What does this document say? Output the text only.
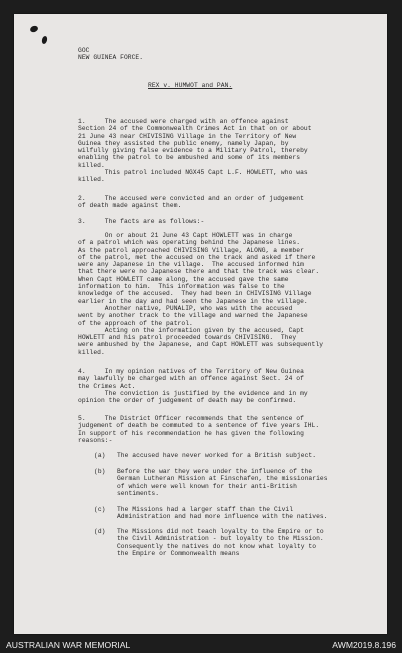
GOC
NEW GUINEA FORCE.
REX v. HUMWOT and PAN.
1.     The accused were charged with an offence against
Section 24 of the Commonwealth Crimes Act in that on or about
21 June 43 near CHIVISING Village in the Territory of New
Guinea they assisted the public enemy, namely Japan, by
wilfully giving false evidence to a Military Patrol, thereby
enabling the patrol to be ambushed and some of its members
killed.
This patrol included NGX45 Capt L.F. HOWLETT, who was
killed.
2.     The accused were convicted and an order of judgement
of death made against them.
3.     The facts are as follows:-
On or about 21 June 43 Capt HOWLETT was in charge
of a patrol which was operating behind the Japanese lines.
As the patrol approached CHIVISING Village, ALONG, a member
of the patrol, met the accused on the track and asked if there
were any Japanese in the village.  The accused informed him
that there were no Japanese there and that the track was clear.
When Capt HOWLETT came along, the accused gave the same
information to him.  This information was false to the
knowledge of the accused.  They had been in CHIVISING Village
earlier in the day and had seen the Japanese in the village.
Another native, PUNALIP, who was with the accused
went by another track to the village and warned the Japanese
of the approach of the patrol.
Acting on the information given by the accused, Capt
HOWLETT and his patrol proceeded towards CHIVISING.  They
were ambushed by the Japanese, and Capt HOWLETT was subsequently
killed.
4.     In my opinion natives of the Territory of New Guinea
may lawfully be charged with an offence against Sect. 24 of
the Crimes Act.
The conviction is justified by the evidence and in my
opinion the order of judgement of death may be confirmed.
5.     The District Officer recommends that the sentence of
judgement of death be commuted to a sentence of five years IHL.
In support of his recommendation he has given the following
reasons:-
(a)   The accused have never worked for a British subject.
(b)   Before the war they were under the influence of the
German Lutheran Mission at Finschafen, the missionaries
of which were well known for their anti-British
sentiments.
(c)   The Missions had a larger staff than the Civil
Administration and had more influence with the natives.
(d)   The Missions did not teach loyalty to the Empire or to
the Civil Administration - but loyalty to the Mission.
Consequently the natives do not know what loyalty to
the Empire or Commonwealth means
AUSTRALIAN WAR MEMORIAL	AWM2019.8.196
